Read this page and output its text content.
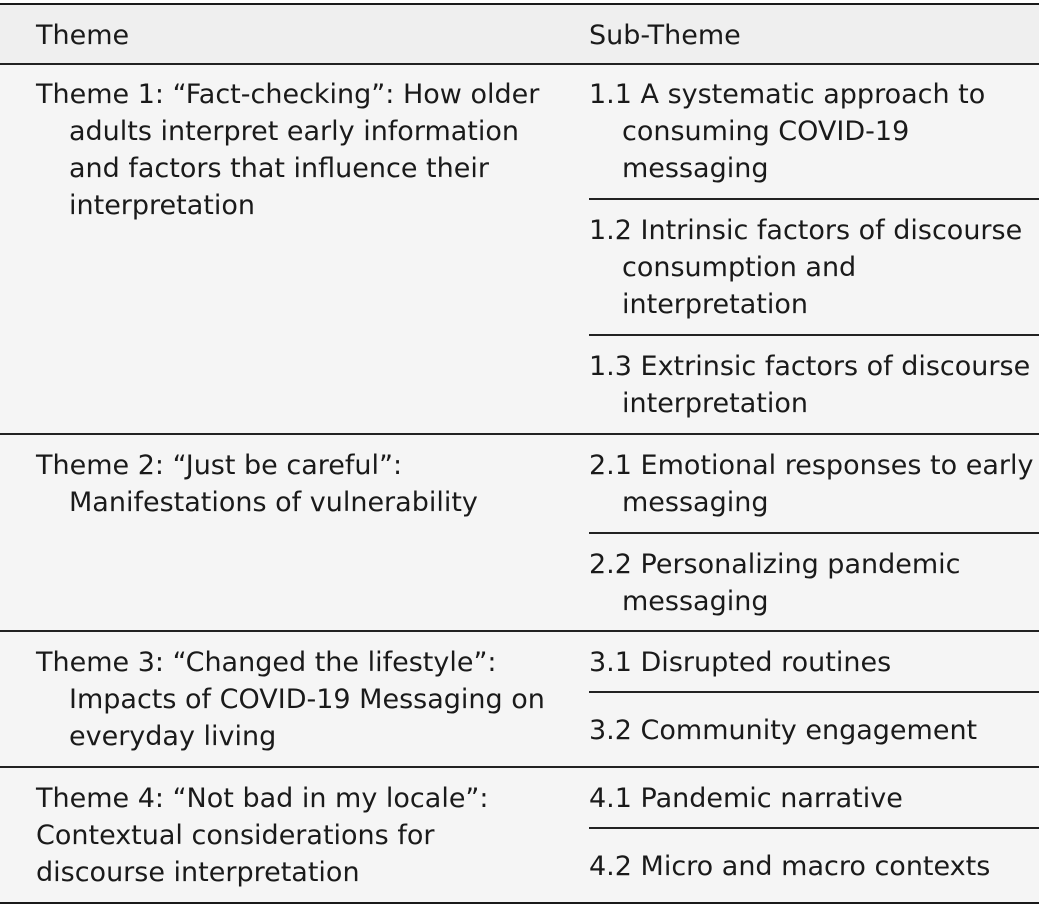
Theme	Sub-Theme
Theme 1: “Fact-checking”: How older
adults interpret early information
and factors that influence their
interpretation
1.1 A systematic approach to
consuming COVID-19
messaging
1.2 Intrinsic factors of discourse
consumption and
interpretation
1.3 Extrinsic factors of discourse
interpretation
Theme 2: “Just be careful”:
Manifestations of vulnerability
2.1 Emotional responses to early
messaging
2.2 Personalizing pandemic
messaging
Theme 3: “Changed the lifestyle”:
Impacts of COVID-19 Messaging on
everyday living
3.1 Disrupted routines
3.2 Community engagement
Theme 4: “Not bad in my locale”:
Contextual considerations for
discourse interpretation
4.1 Pandemic narrative
4.2 Micro and macro contexts
